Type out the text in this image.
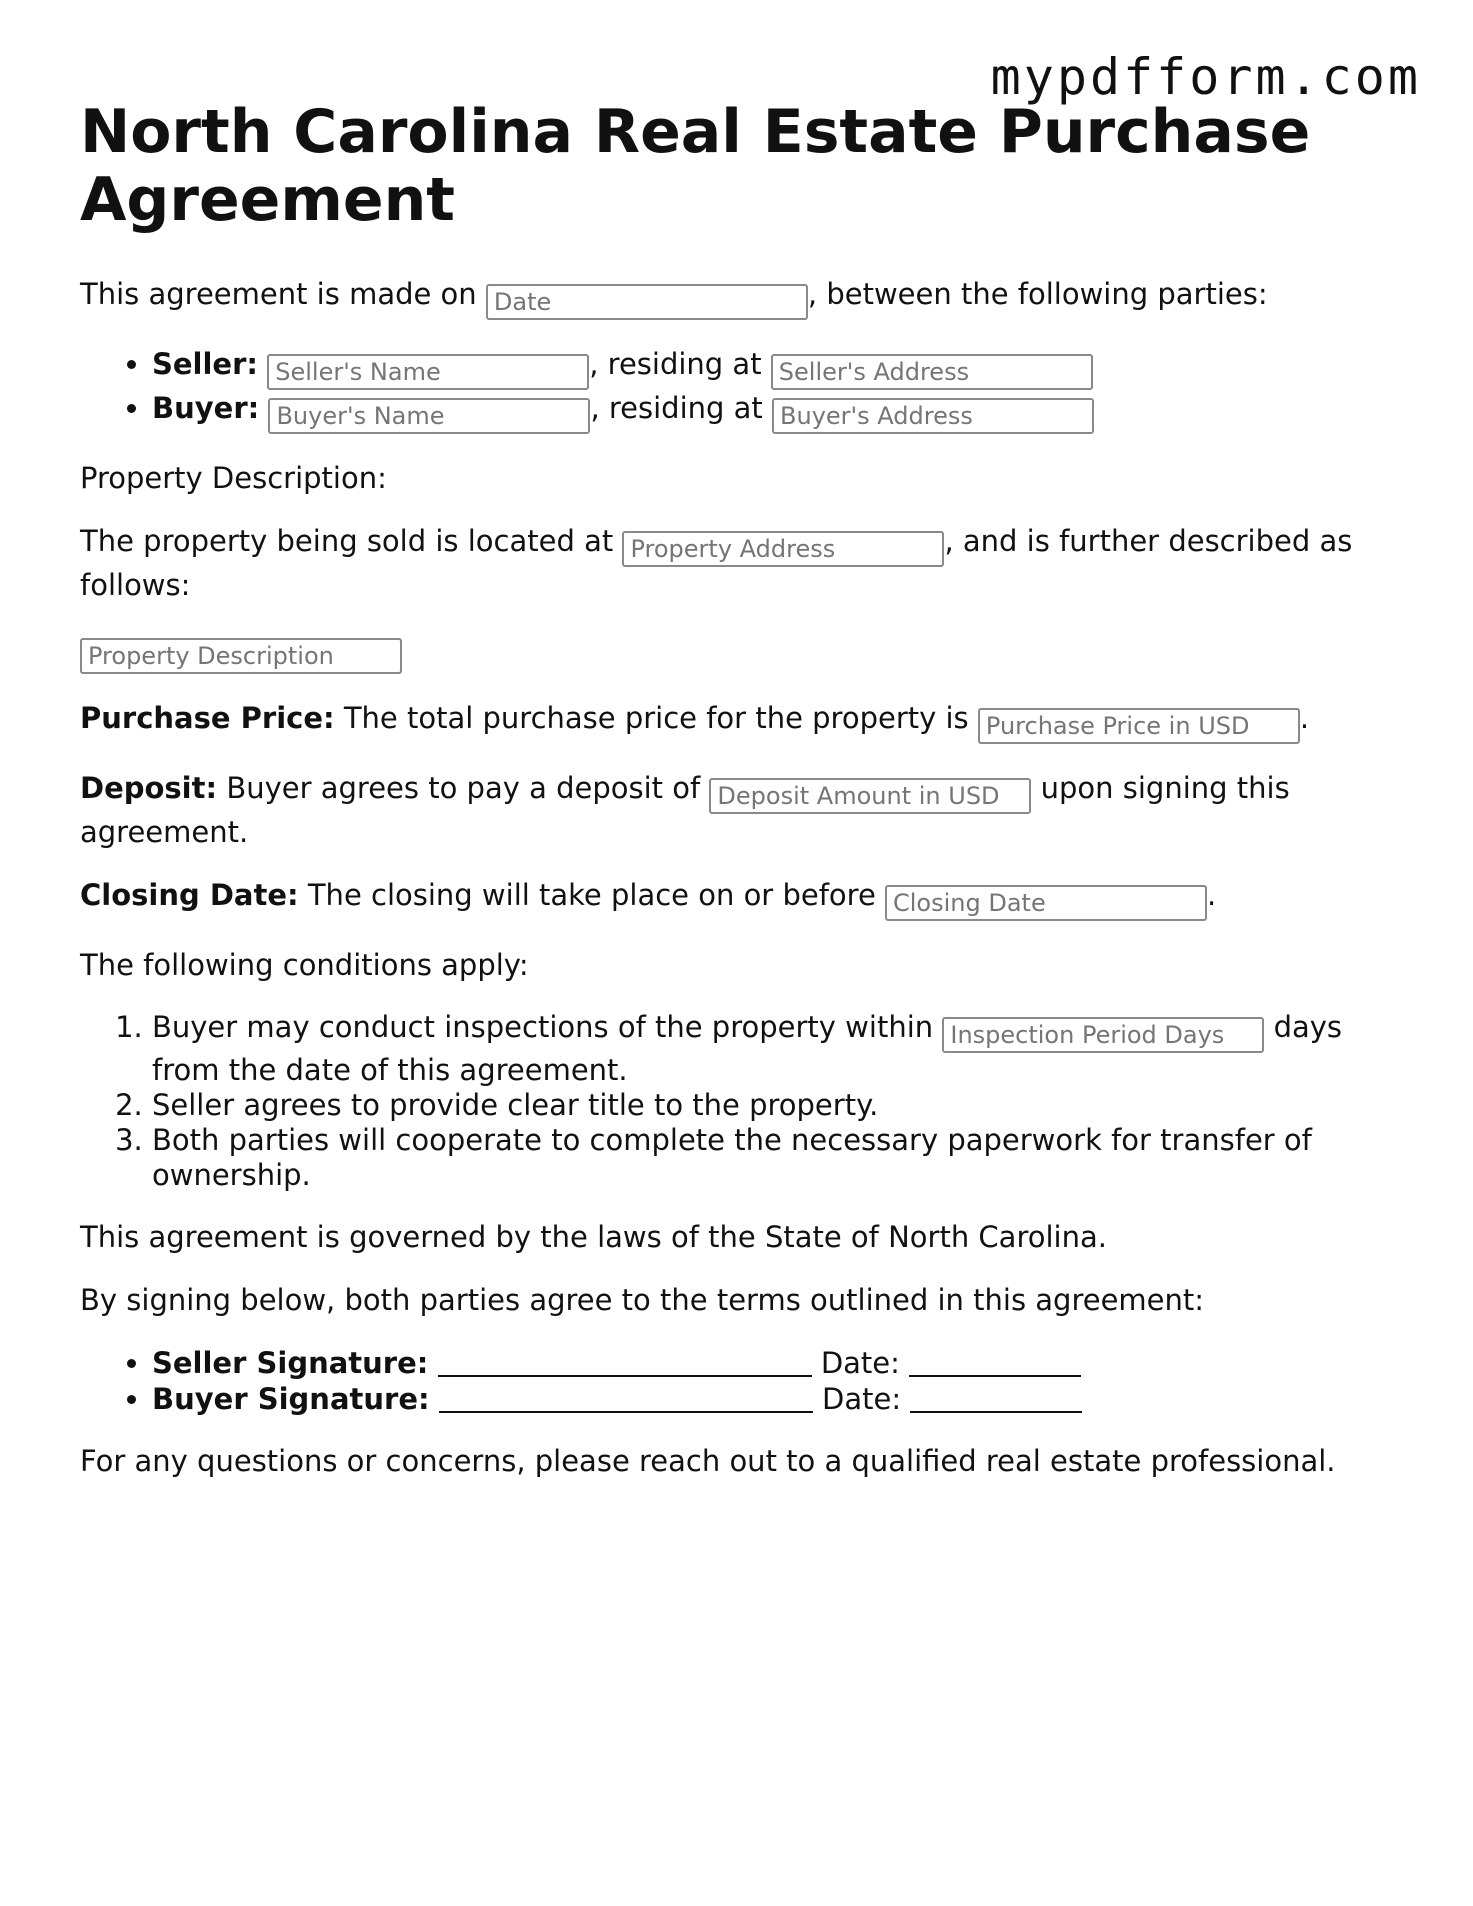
mypdfform.com
North Carolina Real Estate Purchase Agreement

This agreement is made on Date	, between the following parties:

• Seller: Seller's Name	, residing at Seller's Address
• Buyer: Buyer's Name	, residing at Buyer's Address

Property Description:

The property being sold is located at Property Address	, and is further described as follows:

Property Description

Purchase Price: The total purchase price for the property is Purchase Price in USD	.

Deposit: Buyer agrees to pay a deposit of Deposit Amount in USD	upon signing this agreement.

Closing Date: The closing will take place on or before Closing Date	.

The following conditions apply:

1. Buyer may conduct inspections of the property within Inspection Period Days	days from the date of this agreement.
2. Seller agrees to provide clear title to the property.
3. Both parties will cooperate to complete the necessary paperwork for transfer of ownership.

This agreement is governed by the laws of the State of North Carolina.

By signing below, both parties agree to the terms outlined in this agreement:

• Seller Signature:	Date:
• Buyer Signature:	Date:

For any questions or concerns, please reach out to a qualified real estate professional.
